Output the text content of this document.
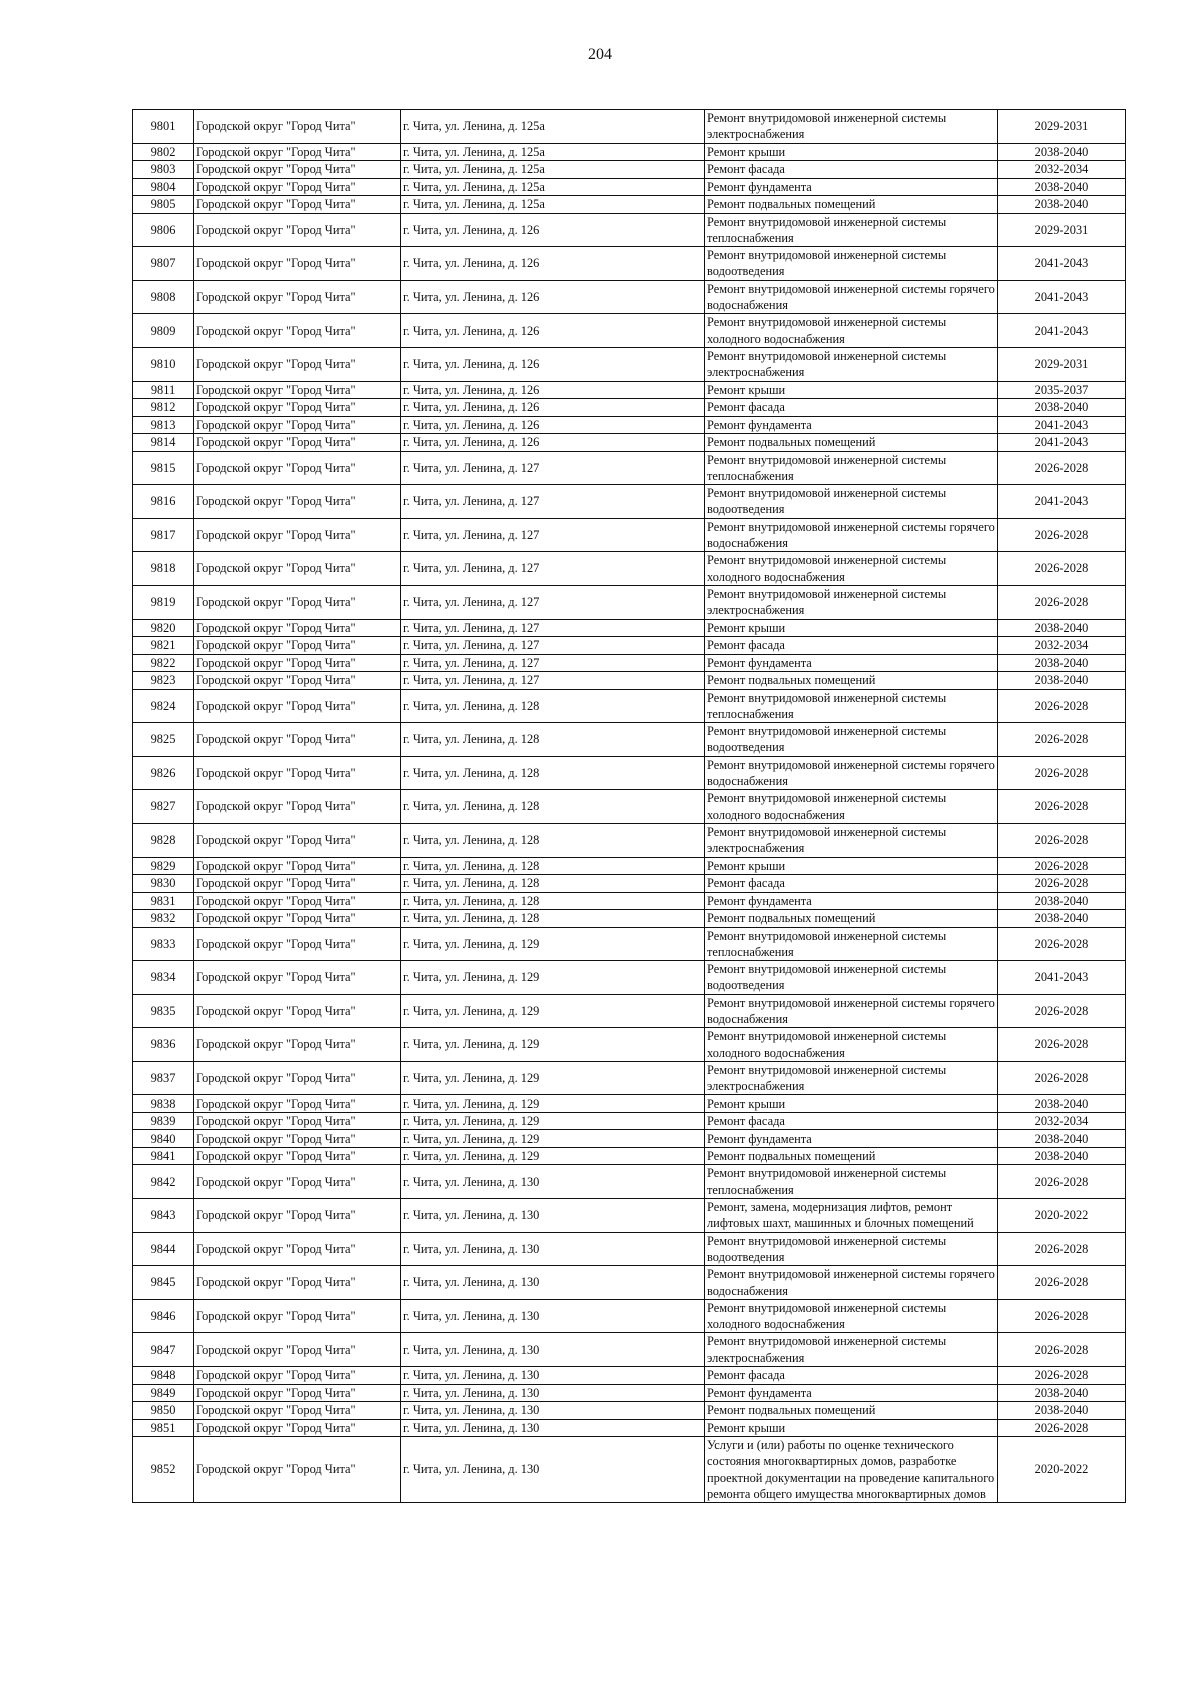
204
9801	Городской округ "Город Чита"	г. Чита, ул. Ленина, д. 125а	Ремонт внутридомовой инженерной системы электроснабжения	2029-2031
9802	Городской округ "Город Чита"	г. Чита, ул. Ленина, д. 125а	Ремонт крыши	2038-2040
9803	Городской округ "Город Чита"	г. Чита, ул. Ленина, д. 125а	Ремонт фасада	2032-2034
9804	Городской округ "Город Чита"	г. Чита, ул. Ленина, д. 125а	Ремонт фундамента	2038-2040
9805	Городской округ "Город Чита"	г. Чита, ул. Ленина, д. 125а	Ремонт подвальных помещений	2038-2040
9806	Городской округ "Город Чита"	г. Чита, ул. Ленина, д. 126	Ремонт внутридомовой инженерной системы теплоснабжения	2029-2031
9807	Городской округ "Город Чита"	г. Чита, ул. Ленина, д. 126	Ремонт внутридомовой инженерной системы водоотведения	2041-2043
9808	Городской округ "Город Чита"	г. Чита, ул. Ленина, д. 126	Ремонт внутридомовой инженерной системы горячего водоснабжения	2041-2043
9809	Городской округ "Город Чита"	г. Чита, ул. Ленина, д. 126	Ремонт внутридомовой инженерной системы холодного водоснабжения	2041-2043
9810	Городской округ "Город Чита"	г. Чита, ул. Ленина, д. 126	Ремонт внутридомовой инженерной системы электроснабжения	2029-2031
9811	Городской округ "Город Чита"	г. Чита, ул. Ленина, д. 126	Ремонт крыши	2035-2037
9812	Городской округ "Город Чита"	г. Чита, ул. Ленина, д. 126	Ремонт фасада	2038-2040
9813	Городской округ "Город Чита"	г. Чита, ул. Ленина, д. 126	Ремонт фундамента	2041-2043
9814	Городской округ "Город Чита"	г. Чита, ул. Ленина, д. 126	Ремонт подвальных помещений	2041-2043
9815	Городской округ "Город Чита"	г. Чита, ул. Ленина, д. 127	Ремонт внутридомовой инженерной системы теплоснабжения	2026-2028
9816	Городской округ "Город Чита"	г. Чита, ул. Ленина, д. 127	Ремонт внутридомовой инженерной системы водоотведения	2041-2043
9817	Городской округ "Город Чита"	г. Чита, ул. Ленина, д. 127	Ремонт внутридомовой инженерной системы горячего водоснабжения	2026-2028
9818	Городской округ "Город Чита"	г. Чита, ул. Ленина, д. 127	Ремонт внутридомовой инженерной системы холодного водоснабжения	2026-2028
9819	Городской округ "Город Чита"	г. Чита, ул. Ленина, д. 127	Ремонт внутридомовой инженерной системы электроснабжения	2026-2028
9820	Городской округ "Город Чита"	г. Чита, ул. Ленина, д. 127	Ремонт крыши	2038-2040
9821	Городской округ "Город Чита"	г. Чита, ул. Ленина, д. 127	Ремонт фасада	2032-2034
9822	Городской округ "Город Чита"	г. Чита, ул. Ленина, д. 127	Ремонт фундамента	2038-2040
9823	Городской округ "Город Чита"	г. Чита, ул. Ленина, д. 127	Ремонт подвальных помещений	2038-2040
9824	Городской округ "Город Чита"	г. Чита, ул. Ленина, д. 128	Ремонт внутридомовой инженерной системы теплоснабжения	2026-2028
9825	Городской округ "Город Чита"	г. Чита, ул. Ленина, д. 128	Ремонт внутридомовой инженерной системы водоотведения	2026-2028
9826	Городской округ "Город Чита"	г. Чита, ул. Ленина, д. 128	Ремонт внутридомовой инженерной системы горячего водоснабжения	2026-2028
9827	Городской округ "Город Чита"	г. Чита, ул. Ленина, д. 128	Ремонт внутридомовой инженерной системы холодного водоснабжения	2026-2028
9828	Городской округ "Город Чита"	г. Чита, ул. Ленина, д. 128	Ремонт внутридомовой инженерной системы электроснабжения	2026-2028
9829	Городской округ "Город Чита"	г. Чита, ул. Ленина, д. 128	Ремонт крыши	2026-2028
9830	Городской округ "Город Чита"	г. Чита, ул. Ленина, д. 128	Ремонт фасада	2026-2028
9831	Городской округ "Город Чита"	г. Чита, ул. Ленина, д. 128	Ремонт фундамента	2038-2040
9832	Городской округ "Город Чита"	г. Чита, ул. Ленина, д. 128	Ремонт подвальных помещений	2038-2040
9833	Городской округ "Город Чита"	г. Чита, ул. Ленина, д. 129	Ремонт внутридомовой инженерной системы теплоснабжения	2026-2028
9834	Городской округ "Город Чита"	г. Чита, ул. Ленина, д. 129	Ремонт внутридомовой инженерной системы водоотведения	2041-2043
9835	Городской округ "Город Чита"	г. Чита, ул. Ленина, д. 129	Ремонт внутридомовой инженерной системы горячего водоснабжения	2026-2028
9836	Городской округ "Город Чита"	г. Чита, ул. Ленина, д. 129	Ремонт внутридомовой инженерной системы холодного водоснабжения	2026-2028
9837	Городской округ "Город Чита"	г. Чита, ул. Ленина, д. 129	Ремонт внутридомовой инженерной системы электроснабжения	2026-2028
9838	Городской округ "Город Чита"	г. Чита, ул. Ленина, д. 129	Ремонт крыши	2038-2040
9839	Городской округ "Город Чита"	г. Чита, ул. Ленина, д. 129	Ремонт фасада	2032-2034
9840	Городской округ "Город Чита"	г. Чита, ул. Ленина, д. 129	Ремонт фундамента	2038-2040
9841	Городской округ "Город Чита"	г. Чита, ул. Ленина, д. 129	Ремонт подвальных помещений	2038-2040
9842	Городской округ "Город Чита"	г. Чита, ул. Ленина, д. 130	Ремонт внутридомовой инженерной системы теплоснабжения	2026-2028
9843	Городской округ "Город Чита"	г. Чита, ул. Ленина, д. 130	Ремонт, замена, модернизация лифтов, ремонт лифтовых шахт, машинных и блочных помещений	2020-2022
9844	Городской округ "Город Чита"	г. Чита, ул. Ленина, д. 130	Ремонт внутридомовой инженерной системы водоотведения	2026-2028
9845	Городской округ "Город Чита"	г. Чита, ул. Ленина, д. 130	Ремонт внутридомовой инженерной системы горячего водоснабжения	2026-2028
9846	Городской округ "Город Чита"	г. Чита, ул. Ленина, д. 130	Ремонт внутридомовой инженерной системы холодного водоснабжения	2026-2028
9847	Городской округ "Город Чита"	г. Чита, ул. Ленина, д. 130	Ремонт внутридомовой инженерной системы электроснабжения	2026-2028
9848	Городской округ "Город Чита"	г. Чита, ул. Ленина, д. 130	Ремонт фасада	2026-2028
9849	Городской округ "Город Чита"	г. Чита, ул. Ленина, д. 130	Ремонт фундамента	2038-2040
9850	Городской округ "Город Чита"	г. Чита, ул. Ленина, д. 130	Ремонт подвальных помещений	2038-2040
9851	Городской округ "Город Чита"	г. Чита, ул. Ленина, д. 130	Ремонт крыши	2026-2028
9852	Городской округ "Город Чита"	г. Чита, ул. Ленина, д. 130	Услуги и (или) работы по оценке технического состояния многоквартирных домов, разработке проектной документации на проведение капитального ремонта общего имущества многоквартирных домов	2020-2022
